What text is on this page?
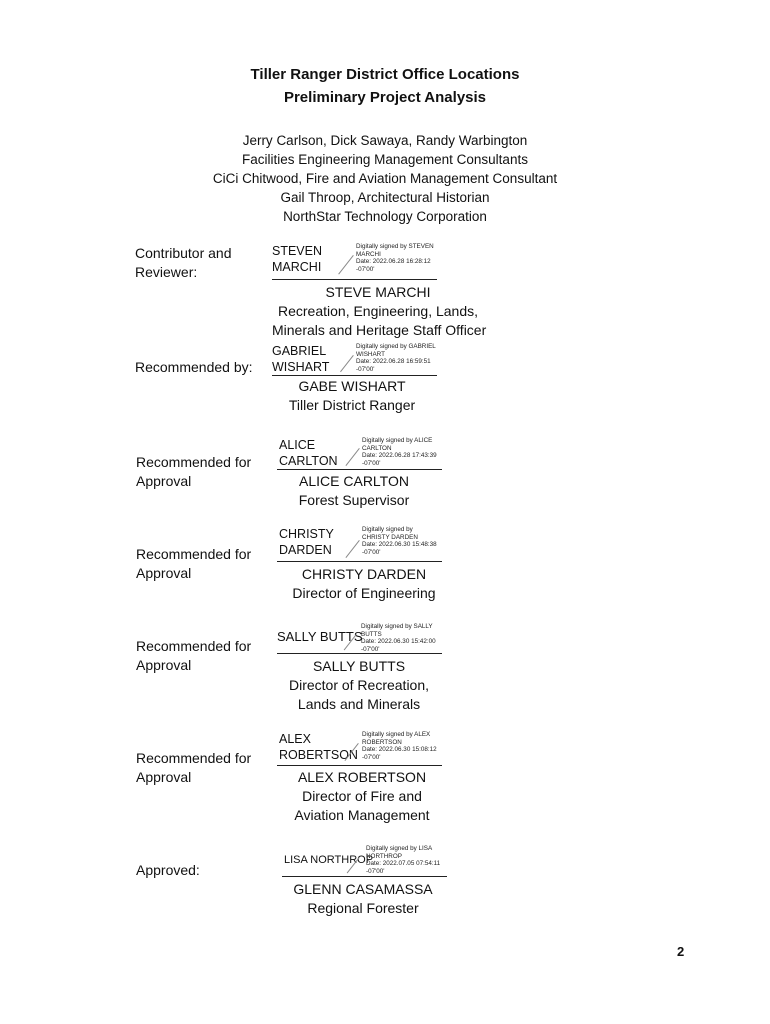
Tiller Ranger District Office Locations
Preliminary Project Analysis
Jerry Carlson, Dick Sawaya, Randy Warbington
Facilities Engineering Management Consultants
CiCi Chitwood, Fire and Aviation Management Consultant
Gail Throop, Architectural Historian
NorthStar Technology Corporation
Contributor and
Reviewer:
STEVEN
MARCHI
Digitally signed by STEVEN
MARCHI
Date: 2022.06.28 16:28:12
-07'00'
STEVE MARCHI
Recreation, Engineering, Lands,
Minerals and Heritage Staff Officer
Recommended by:
GABRIEL
WISHART
Digitally signed by GABRIEL
WISHART
Date: 2022.06.28 16:59:51
-07'00'
GABE WISHART
Tiller District Ranger
Recommended for
Approval
ALICE
CARLTON
Digitally signed by ALICE
CARLTON
Date: 2022.06.28 17:43:39
-07'00'
ALICE CARLTON
Forest Supervisor
Recommended for
Approval
CHRISTY
DARDEN
Digitally signed by
CHRISTY DARDEN
Date: 2022.06.30 15:48:38
-07'00'
CHRISTY DARDEN
Director of Engineering
Recommended for
Approval
SALLY BUTTS
Digitally signed by SALLY
BUTTS
Date: 2022.06.30 15:42:00
-07'00'
SALLY BUTTS
Director of Recreation,
Lands and Minerals
Recommended for
Approval
ALEX
ROBERTSON
Digitally signed by ALEX
ROBERTSON
Date: 2022.06.30 15:08:12
-07'00'
ALEX ROBERTSON
Director of Fire and
Aviation Management
Approved:
LISA NORTHROP
Digitally signed by LISA
NORTHROP
Date: 2022.07.05 07:54:11
-07'00'
GLENN CASAMASSA
Regional Forester
2
